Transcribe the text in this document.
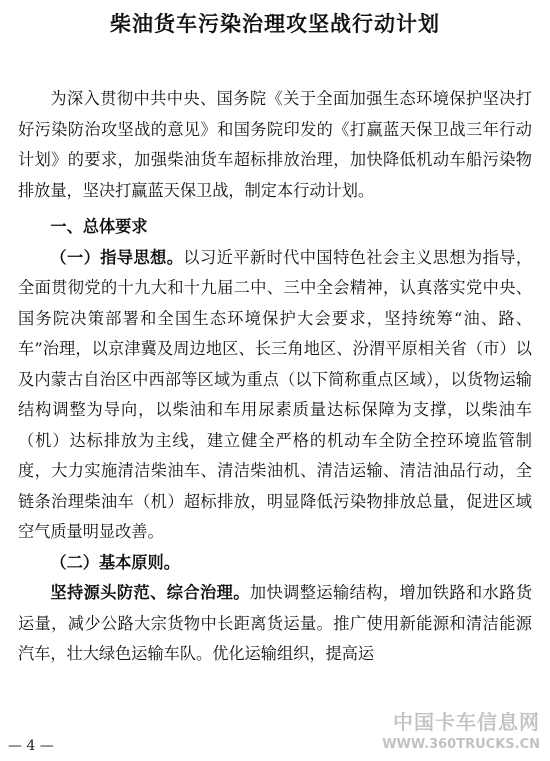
柴油货车污染治理攻坚战行动计划

为深入贯彻中共中央、国务院《关于全面加强生态环境保护坚决打好污染防治攻坚战的意见》和国务院印发的《打赢蓝天保卫战三年行动计划》的要求，加强柴油货车超标排放治理，加快降低机动车船污染物排放量，坚决打赢蓝天保卫战，制定本行动计划。

一、总体要求

（一）指导思想。以习近平新时代中国特色社会主义思想为指导，全面贯彻党的十九大和十九届二中、三中全会精神，认真落实党中央、国务院决策部署和全国生态环境保护大会要求，坚持统筹“油、路、车”治理，以京津冀及周边地区、长三角地区、汾渭平原相关省（市）以及内蒙古自治区中西部等区域为重点（以下简称重点区域），以货物运输结构调整为导向，以柴油和车用尿素质量达标保障为支撑，以柴油车（机）达标排放为主线，建立健全严格的机动车全防全控环境监管制度，大力实施清洁柴油车、清洁柴油机、清洁运输、清洁油品行动，全链条治理柴油车（机）超标排放，明显降低污染物排放总量，促进区域空气质量明显改善。

（二）基本原则。

坚持源头防范、综合治理。加快调整运输结构，增加铁路和水路货运量，减少公路大宗货物中长距离货运量。推广使用新能源和清洁能源汽车，壮大绿色运输车队。优化运输组织，提高运

— 4 —
中国卡车信息网
WWW.360TRUCKS.CN
